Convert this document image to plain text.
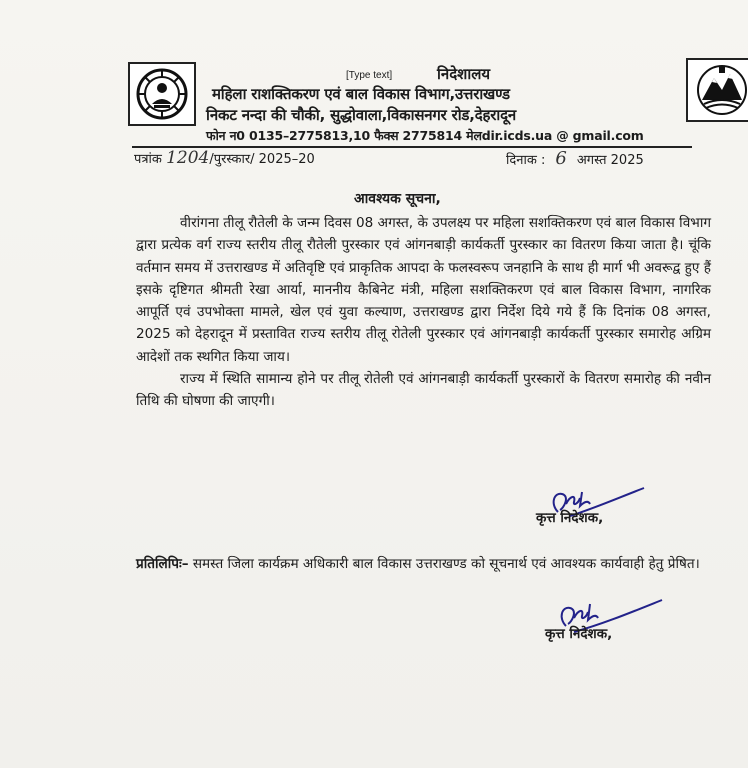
[Type text]	निदेशालय
महिला राशक्तिकरण एवं बाल विकास विभाग,उत्तराखण्ड
निकट नन्दा की चौकी, सुद्धोवाला,विकासनगर रोड,देहरादून
फोन न0 0135–2775813,10 फैक्स 2775814 मेलdir.icds.ua @ gmail.com
पत्रांक 1204/पुरस्कार/ 2025–20	दिनाक : 6 अगस्त 2025
आवश्यक सूचना,

वीरांगना तीलू रौतेली के जन्म दिवस 08 अगस्त, के उपलक्ष्य पर महिला सशक्तिकरण एवं बाल विकास विभाग द्वारा प्रत्येक वर्ग राज्य स्तरीय तीलू रौतेली पुरस्कार एवं आंगनबाड़ी कार्यकर्ती पुरस्कार का वितरण किया जाता है। चूंकि वर्तमान समय में उत्तराखण्ड में अतिवृष्टि एवं प्राकृतिक आपदा के फलस्वरूप जनहानि के साथ ही मार्ग भी अवरूद्व हुए हैं इसके दृष्टिगत श्रीमती रेखा आर्या, माननीय कैबिनेट मंत्री, महिला सशक्तिकरण एवं बाल विकास विभाग, नागरिक आपूर्ति एवं उपभोक्ता मामले, खेल एवं युवा कल्याण, उत्तराखण्ड द्वारा निर्देश दिये गये हैं कि दिनांक 08 अगस्त, 2025 को देहरादून में प्रस्तावित राज्य स्तरीय तीलू रोतेली पुरस्कार एवं आंगनबाड़ी कार्यकर्ती पुरस्कार समारोह अग्रिम आदेशों तक स्थगित किया जाय।

राज्य में स्थिति सामान्य होने पर तीलू रोतेली एवं आंगनबाड़ी कार्यकर्ती पुरस्कारों के वितरण समारोह की नवीन तिथि की घोषणा की जाएगी।

कृत्त निदेशक,
प्रतिलिपिः– समस्त जिला कार्यक्रम अधिकारी बाल विकास उत्तराखण्ड को सूचनार्थ एवं आवश्यक कार्यवाही हेतु प्रेषित।
कृत्त निदेशक,
